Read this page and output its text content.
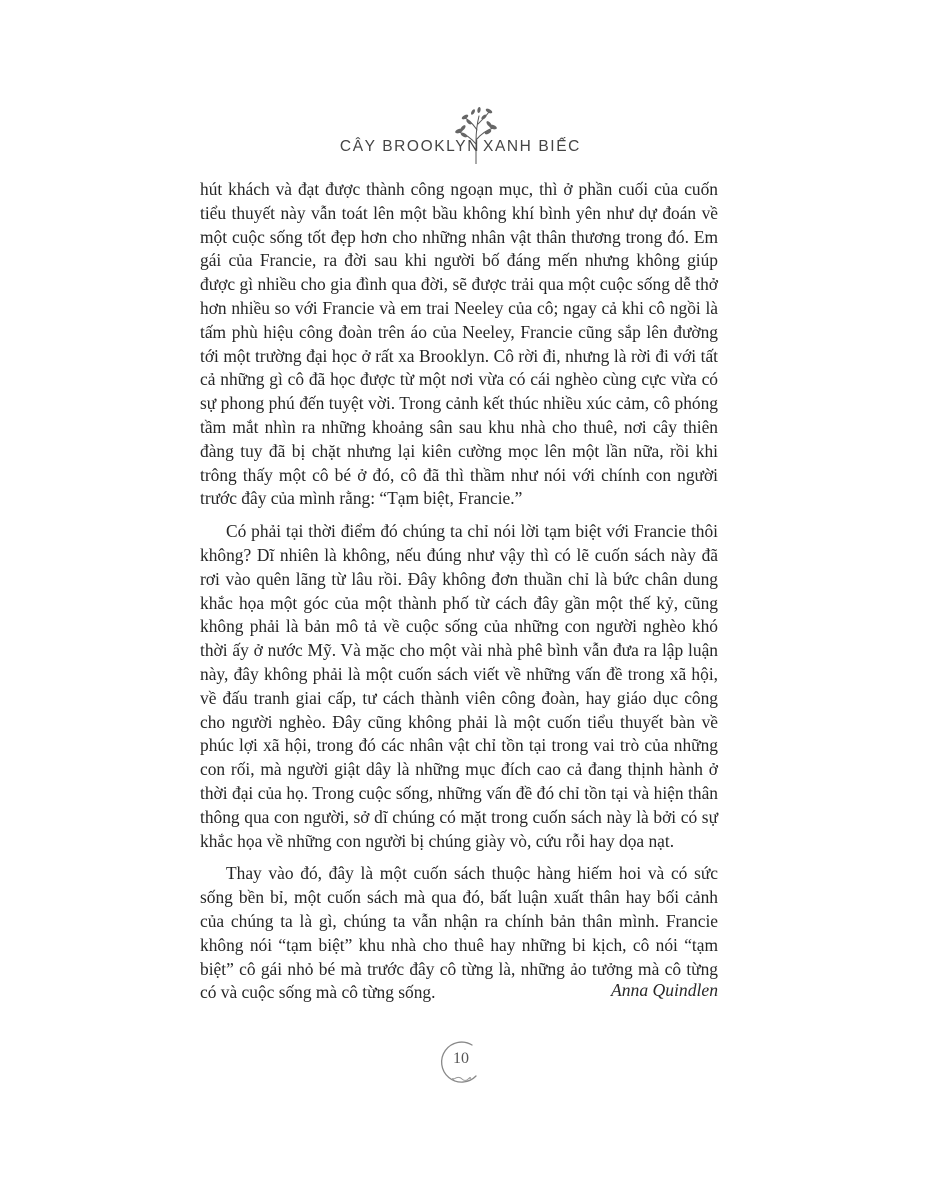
CÂY BROOKLYN XANH BIẾC

hút khách và đạt được thành công ngoạn mục, thì ở phần cuối của cuốn tiểu thuyết này vẫn toát lên một bầu không khí bình yên như dự đoán về một cuộc sống tốt đẹp hơn cho những nhân vật thân thương trong đó. Em gái của Francie, ra đời sau khi người bố đáng mến nhưng không giúp được gì nhiều cho gia đình qua đời, sẽ được trải qua một cuộc sống dễ thở hơn nhiều so với Francie và em trai Neeley của cô; ngay cả khi cô ngồi là tấm phù hiệu công đoàn trên áo của Neeley, Francie cũng sắp lên đường tới một trường đại học ở rất xa Brooklyn. Cô rời đi, nhưng là rời đi với tất cả những gì cô đã học được từ một nơi vừa có cái nghèo cùng cực vừa có sự phong phú đến tuyệt vời. Trong cảnh kết thúc nhiều xúc cảm, cô phóng tầm mắt nhìn ra những khoảng sân sau khu nhà cho thuê, nơi cây thiên đàng tuy đã bị chặt nhưng lại kiên cường mọc lên một lần nữa, rồi khi trông thấy một cô bé ở đó, cô đã thì thầm như nói với chính con người trước đây của mình rằng: “Tạm biệt, Francie.”

Có phải tại thời điểm đó chúng ta chỉ nói lời tạm biệt với Francie thôi không? Dĩ nhiên là không, nếu đúng như vậy thì có lẽ cuốn sách này đã rơi vào quên lãng từ lâu rồi. Đây không đơn thuần chỉ là bức chân dung khắc họa một góc của một thành phố từ cách đây gần một thế kỷ, cũng không phải là bản mô tả về cuộc sống của những con người nghèo khó thời ấy ở nước Mỹ. Và mặc cho một vài nhà phê bình vẫn đưa ra lập luận này, đây không phải là một cuốn sách viết về những vấn đề trong xã hội, về đấu tranh giai cấp, tư cách thành viên công đoàn, hay giáo dục công cho người nghèo. Đây cũng không phải là một cuốn tiểu thuyết bàn về phúc lợi xã hội, trong đó các nhân vật chỉ tồn tại trong vai trò của những con rối, mà người giật dây là những mục đích cao cả đang thịnh hành ở thời đại của họ. Trong cuộc sống, những vấn đề đó chỉ tồn tại và hiện thân thông qua con người, sở dĩ chúng có mặt trong cuốn sách này là bởi có sự khắc họa về những con người bị chúng giày vò, cứu rỗi hay dọa nạt.

Thay vào đó, đây là một cuốn sách thuộc hàng hiếm hoi và có sức sống bền bỉ, một cuốn sách mà qua đó, bất luận xuất thân hay bối cảnh của chúng ta là gì, chúng ta vẫn nhận ra chính bản thân mình. Francie không nói “tạm biệt” khu nhà cho thuê hay những bi kịch, cô nói “tạm biệt” cô gái nhỏ bé mà trước đây cô từng là, những ảo tưởng mà cô từng có và cuộc sống mà cô từng sống.	Anna Quindlen
10
